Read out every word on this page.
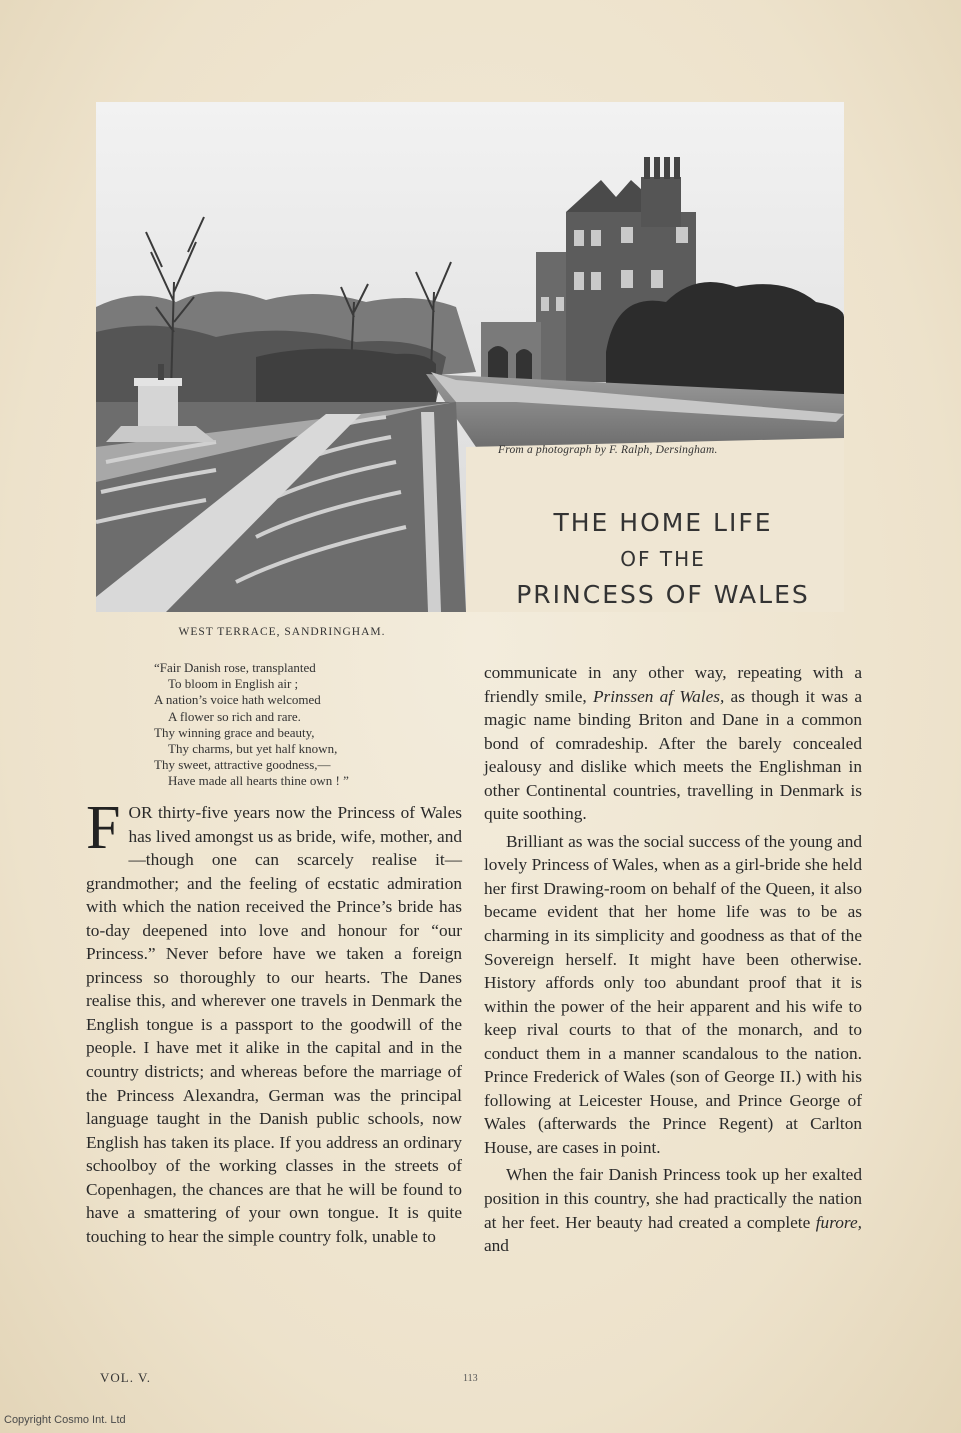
From a photograph by F. Ralph, Dersingham.
THE HOME LIFE
OF THE
PRINCESS OF WALES
WEST TERRACE, SANDRINGHAM.
“Fair Danish rose, transplanted
To bloom in English air ;
A nation’s voice hath welcomed
A flower so rich and rare.
Thy winning grace and beauty,
Thy charms, but yet half known,
Thy sweet, attractive goodness,—
Have made all hearts thine own ! ”

FOR thirty-five years now the Princess of Wales has lived amongst us as bride, wife, mother, and—though one can scarcely realise it—grandmother; and the feeling of ecstatic admiration with which the nation received the Prince’s bride has to-day deepened into love and honour for “our Princess.” Never before have we taken a foreign princess so thoroughly to our hearts. The Danes realise this, and wherever one travels in Denmark the English tongue is a passport to the goodwill of the people. I have met it alike in the capital and in the country districts; and whereas before the marriage of the Princess Alexandra, German was the principal language taught in the Danish public schools, now English has taken its place. If you address an ordinary schoolboy of the working classes in the streets of Copenhagen, the chances are that he will be found to have a smattering of your own tongue. It is quite touching to hear the simple country folk, unable to

communicate in any other way, repeating with a friendly smile, Prinssen af Wales, as though it was a magic name binding Briton and Dane in a common bond of comradeship. After the barely concealed jealousy and dislike which meets the Englishman in other Continental countries, travelling in Denmark is quite soothing.

Brilliant as was the social success of the young and lovely Princess of Wales, when as a girl-bride she held her first Drawing-room on behalf of the Queen, it also became evident that her home life was to be as charming in its simplicity and goodness as that of the Sovereign herself. It might have been otherwise. History affords only too abundant proof that it is within the power of the heir apparent and his wife to keep rival courts to that of the monarch, and to conduct them in a manner scandalous to the nation. Prince Frederick of Wales (son of George II.) with his following at Leicester House, and Prince George of Wales (afterwards the Prince Regent) at Carlton House, are cases in point.

When the fair Danish Princess took up her exalted position in this country, she had practically the nation at her feet. Her beauty had created a complete furore, and

VOL. V.	113
Copyright Cosmo Int. Ltd
